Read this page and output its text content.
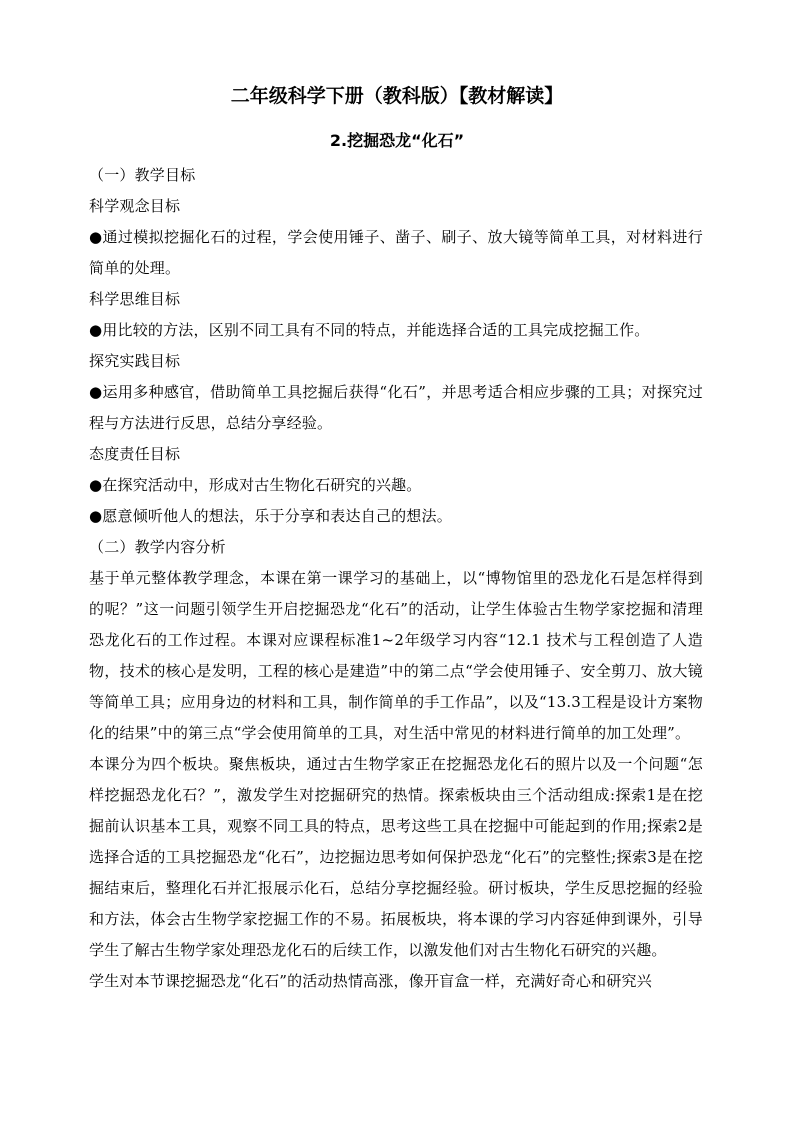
二年级科学下册（教科版）【教材解读】
2.挖掘恐龙“化石”

（一）教学目标

科学观念目标

● 通过模拟挖掘化石的过程，学会使用锤子、凿子、刷子、放大镜等简单工具，对材料进行简单的处理。

科学思维目标

● 用比较的方法，区别不同工具有不同的特点，并能选择合适的工具完成挖掘工作。

探究实践目标

● 运用多种感官，借助简单工具挖掘后获得“化石”，并思考适合相应步骤的工具；对探究过程与方法进行反思，总结分享经验。

态度责任目标

● 在探究活动中，形成对古生物化石研究的兴趣。

● 愿意倾听他人的想法，乐于分享和表达自己的想法。

（二）教学内容分析

基于单元整体教学理念，本课在第一课学习的基础上，以“博物馆里的恐龙化石是怎样得到的呢？”这一问题引领学生开启挖掘恐龙“化石”的活动，让学生体验古生物学家挖掘和清理恐龙化石的工作过程。本课对应课程标准1~2年级学习内容“12.1 技术与工程创造了人造物，技术的核心是发明，工程的核心是建造”中的第二点“学会使用锤子、安全剪刀、放大镜等简单工具；应用身边的材料和工具，制作简单的手工作品”，以及“13.3工程是设计方案物化的结果”中的第三点“学会使用简单的工具，对生活中常见的材料进行简单的加工处理”。

本课分为四个板块。聚焦板块，通过古生物学家正在挖掘恐龙化石的照片以及一个问题“怎样挖掘恐龙化石？”，激发学生对挖掘研究的热情。探索板块由三个活动组成:探索1是在挖掘前认识基本工具，观察不同工具的特点，思考这些工具在挖掘中可能起到的作用;探索2是选择合适的工具挖掘恐龙“化石”，边挖掘边思考如何保护恐龙“化石”的完整性;探索3是在挖掘结束后，整理化石并汇报展示化石，总结分享挖掘经验。研讨板块，学生反思挖掘的经验和方法，体会古生物学家挖掘工作的不易。拓展板块，将本课的学习内容延伸到课外，引导学生了解古生物学家处理恐龙化石的后续工作，以激发他们对古生物化石研究的兴趣。

学生对本节课挖掘恐龙“化石”的活动热情高涨，像开盲盒一样，充满好奇心和研究兴
